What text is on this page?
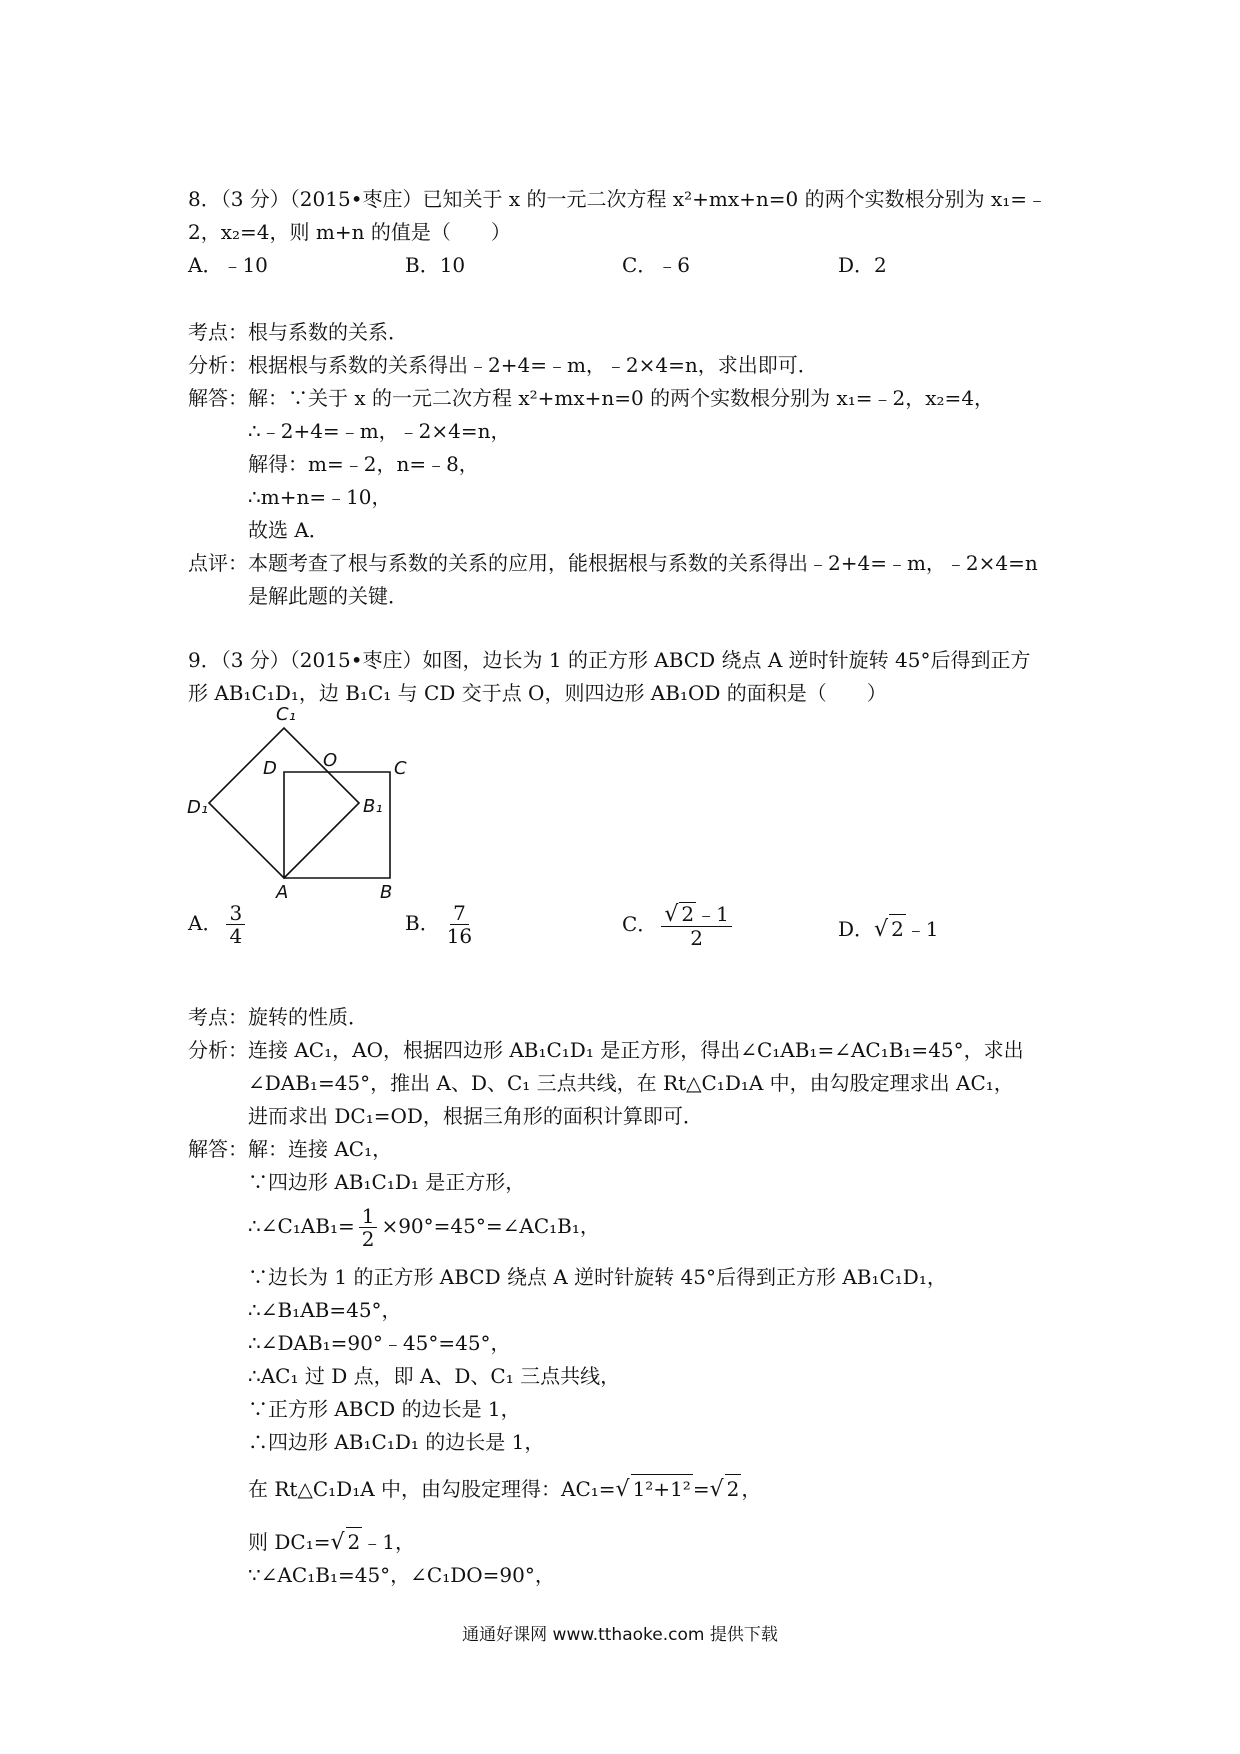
8．（3 分）（2015•枣庄）已知关于 x 的一元二次方程 x²+mx+n=0 的两个实数根分别为 x₁=﹣
2，x₂=4，则 m+n 的值是（　　）
A．﹣10	B．10	C．﹣6	D．2
考点：根与系数的关系．
分析：根据根与系数的关系得出﹣2+4=﹣m，﹣2×4=n，求出即可．
解答：解：∵关于 x 的一元二次方程 x²+mx+n=0 的两个实数根分别为 x₁=﹣2，x₂=4，
∴﹣2+4=﹣m，﹣2×4=n，
解得：m=﹣2，n=﹣8，
∴m+n=﹣10，
故选 A．
点评：本题考查了根与系数的关系的应用，能根据根与系数的关系得出﹣2+4=﹣m，﹣2×4=n
是解此题的关键．
9．（3 分）（2015•枣庄）如图，边长为 1 的正方形 ABCD 绕点 A 逆时针旋转 45°后得到正方
形 AB₁C₁D₁，边 B₁C₁ 与 CD 交于点 O，则四边形 AB₁OD 的面积是（　　）
C₁
D	O	C
D₁	B₁
A	B
A． $\frac{3}{4}$	B． $\frac{7}{16}$	C． $\frac{√ 2 ﹣1}{2}$	D．√ 2 ﹣1
考点：旋转的性质．
分析：连接 AC₁，AO，根据四边形 AB₁C₁D₁ 是正方形，得出∠C₁AB₁=∠AC₁B₁=45°，求出
∠DAB₁=45°，推出 A、D、C₁ 三点共线，在 Rt△C₁D₁A 中，由勾股定理求出 AC₁，
进而求出 DC₁=OD，根据三角形的面积计算即可．
解答：解：连接 AC₁，
∵四边形 AB₁C₁D₁ 是正方形，
∴∠C₁AB₁= $\frac{1}{2}$ ×90°=45°=∠AC₁B₁，
∵边长为 1 的正方形 ABCD 绕点 A 逆时针旋转 45°后得到正方形 AB₁C₁D₁，
∴∠B₁AB=45°，
∴∠DAB₁=90°﹣45°=45°，
∴AC₁ 过 D 点，即 A、D、C₁ 三点共线，
∵正方形 ABCD 的边长是 1，
∴四边形 AB₁C₁D₁ 的边长是 1，
在 Rt△C₁D₁A 中，由勾股定理得：AC₁=√ 1²+1² =√ 2 ，
则 DC₁=√ 2 ﹣1，
∵∠AC₁B₁=45°，∠C₁DO=90°，
通通好课网 www.tthaoke.com 提供下载
